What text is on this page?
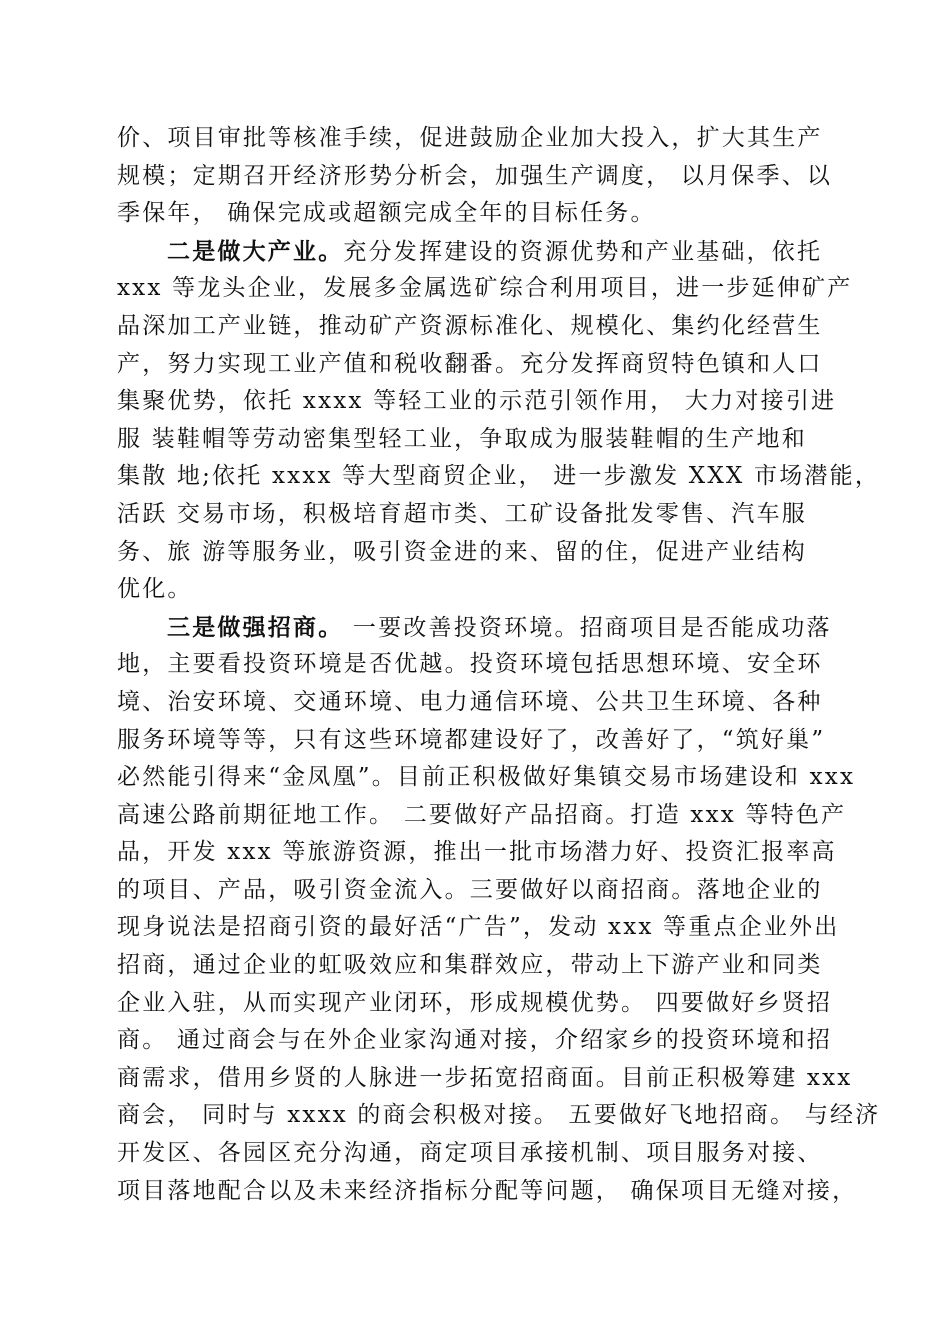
价、项目审批等核准手续，促进鼓励企业加大投入，扩大其生产
规模；定期召开经济形势分析会，加强生产调度， 以月保季、以
季保年， 确保完成或超额完成全年的目标任务。
二是做大产业。充分发挥建设的资源优势和产业基础，依托
xxx 等龙头企业，发展多金属选矿综合利用项目，进一步延伸矿产
品深加工产业链，推动矿产资源标准化、规模化、集约化经营生
产，努力实现工业产值和税收翻番。充分发挥商贸特色镇和人口
集聚优势，依托 xxxx 等轻工业的示范引领作用， 大力对接引进
服 装鞋帽等劳动密集型轻工业，争取成为服装鞋帽的生产地和
集散 地;依托 xxxx 等大型商贸企业， 进一步激发 XXX 市场潜能，
活跃 交易市场，积极培育超市类、工矿设备批发零售、汽车服
务、旅 游等服务业，吸引资金进的来、留的住，促进产业结构
优化。
三是做强招商。 一要改善投资环境。招商项目是否能成功落
地，主要看投资环境是否优越。投资环境包括思想环境、安全环
境、治安环境、交通环境、电力通信环境、公共卫生环境、各种
服务环境等等，只有这些环境都建设好了，改善好了，“筑好巢”
必然能引得来“金凤凰”。目前正积极做好集镇交易市场建设和 xxx
高速公路前期征地工作。 二要做好产品招商。打造 xxx 等特色产
品，开发 xxx 等旅游资源，推出一批市场潜力好、投资汇报率高
的项目、产品，吸引资金流入。三要做好以商招商。落地企业的
现身说法是招商引资的最好活“广告”，发动 xxx 等重点企业外出
招商，通过企业的虹吸效应和集群效应，带动上下游产业和同类
企业入驻，从而实现产业闭环，形成规模优势。 四要做好乡贤招
商。 通过商会与在外企业家沟通对接，介绍家乡的投资环境和招
商需求，借用乡贤的人脉进一步拓宽招商面。目前正积极筹建 xxx
商会， 同时与 xxxx 的商会积极对接。 五要做好飞地招商。 与经济
开发区、各园区充分沟通，商定项目承接机制、项目服务对接、
项目落地配合以及未来经济指标分配等问题， 确保项目无缝对接，
